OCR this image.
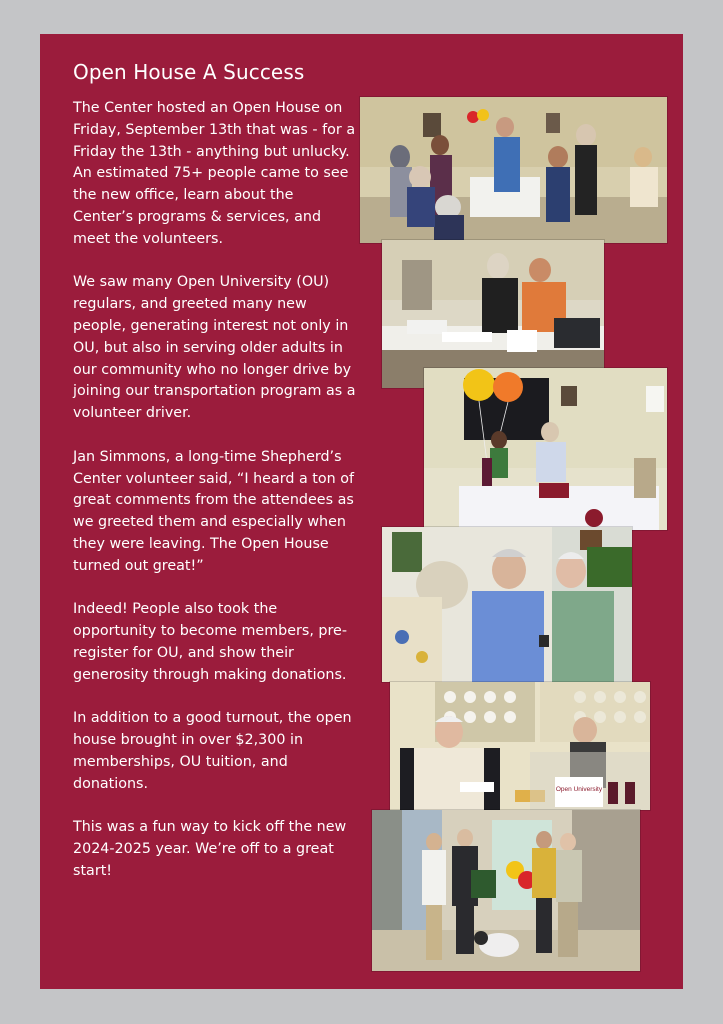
Open House A Success

The Center hosted an Open House on Friday, September 13th that was - for a Friday the 13th - anything but unlucky. An estimated 75+ people came to see the new office, learn about the Center’s programs & services, and meet the volunteers.

We saw many Open University (OU) regulars, and greeted many new people, generating interest not only in OU, but also in serving older adults in our community who no longer drive by joining our transportation program as a volunteer driver.

Jan Simmons, a long-time Shepherd’s Center volunteer said, “I heard a ton of great comments from the attendees as we greeted them and especially when they were leaving. The Open House turned out great!”

Indeed! People also took the opportunity to become members, pre-register for OU, and show their generosity through making donations.

In addition to a good turnout, the open house brought in over $2,300 in memberships, OU tuition, and donations.

This was a fun way to kick off the new 2024-2025 year. We’re off to a great start!

Open University
